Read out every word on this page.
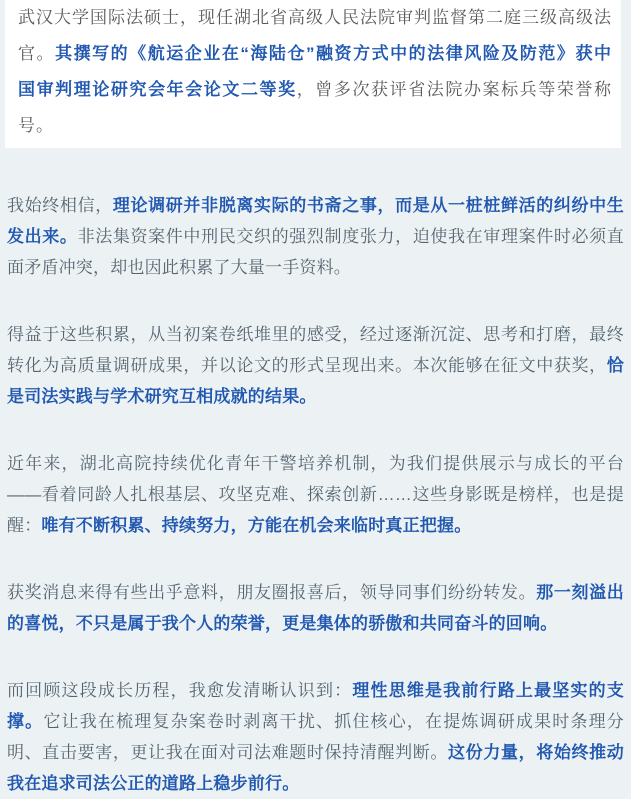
武汉大学国际法硕士，现任湖北省高级人民法院审判监督第二庭三级高级法官。其撰写的《航运企业在“海陆仓”融资方式中的法律风险及防范》获中国审判理论研究会年会论文二等奖，曾多次获评省法院办案标兵等荣誉称号。

我始终相信，理论调研并非脱离实际的书斋之事，而是从一桩桩鲜活的纠纷中生发出来。非法集资案件中刑民交织的强烈制度张力，迫使我在审理案件时必须直面矛盾冲突，却也因此积累了大量一手资料。

得益于这些积累，从当初案卷纸堆里的感受，经过逐渐沉淀、思考和打磨，最终转化为高质量调研成果，并以论文的形式呈现出来。本次能够在征文中获奖，恰是司法实践与学术研究互相成就的结果。

近年来，湖北高院持续优化青年干警培养机制，为我们提供展示与成长的平台——看着同龄人扎根基层、攻坚克难、探索创新……这些身影既是榜样，也是提醒：唯有不断积累、持续努力，方能在机会来临时真正把握。

获奖消息来得有些出乎意料，朋友圈报喜后，领导同事们纷纷转发。那一刻溢出的喜悦，不只是属于我个人的荣誉，更是集体的骄傲和共同奋斗的回响。

而回顾这段成长历程，我愈发清晰认识到：理性思维是我前行路上最坚实的支撑。它让我在梳理复杂案卷时剥离干扰、抓住核心，在提炼调研成果时条理分明、直击要害，更让我在面对司法难题时保持清醒判断。这份力量，将始终推动我在追求司法公正的道路上稳步前行。
